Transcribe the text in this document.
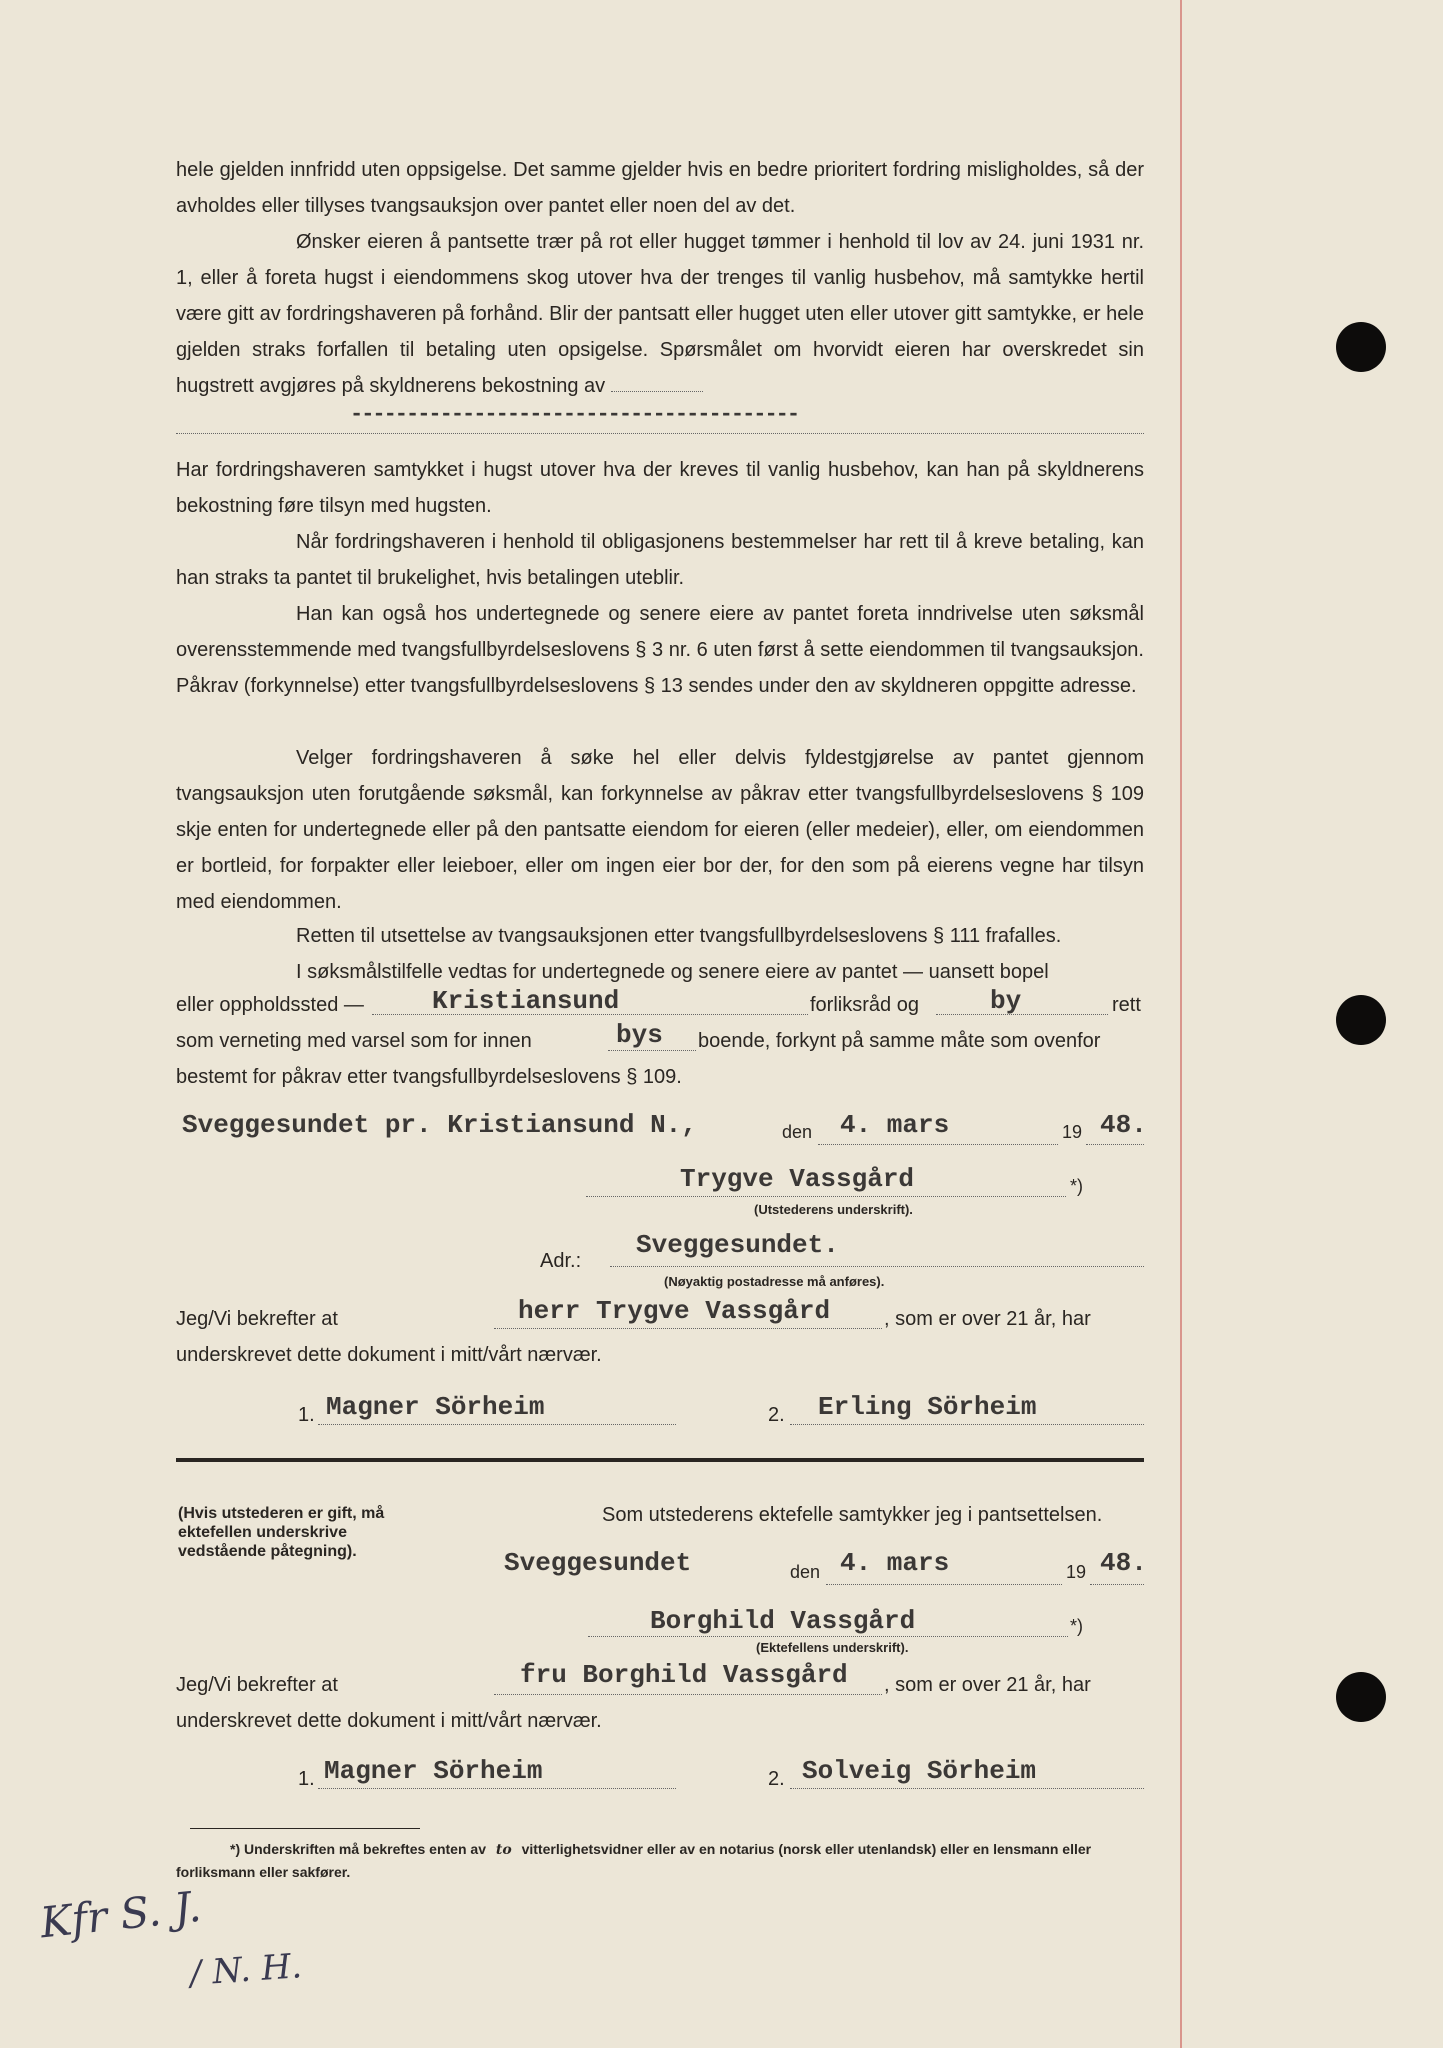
hele gjelden innfridd uten oppsigelse. Det samme gjelder hvis en bedre prioritert fordring misligholdes, så der avholdes eller tillyses tvangsauksjon over pantet eller noen del av det.
Ønsker eieren å pantsette trær på rot eller hugget tømmer i henhold til lov av 24. juni 1931 nr. 1, eller å foreta hugst i eiendommens skog utover hva der trenges til vanlig husbehov, må samtykke hertil være gitt av fordringshaveren på forhånd. Blir der pantsatt eller hugget uten eller utover gitt samtykke, er hele gjelden straks forfallen til betaling uten opsigelse. Spørsmålet om hvorvidt eieren har overskredet sin hugstrett avgjøres på skyldnerens bekostning av
----------------------------------------
Har fordringshaveren samtykket i hugst utover hva der kreves til vanlig husbehov, kan han på skyldnerens bekostning føre tilsyn med hugsten.
Når fordringshaveren i henhold til obligasjonens bestemmelser har rett til å kreve betaling, kan han straks ta pantet til brukelighet, hvis betalingen uteblir.
Han kan også hos undertegnede og senere eiere av pantet foreta inndrivelse uten søksmål overensstemmende med tvangsfullbyrdelseslovens § 3 nr. 6 uten først å sette eiendommen til tvangsauksjon. Påkrav (forkynnelse) etter tvangsfullbyrdelseslovens § 13 sendes under den av skyldneren oppgitte adresse.
Velger fordringshaveren å søke hel eller delvis fyldestgjørelse av pantet gjennom tvangsauksjon uten forutgående søksmål, kan forkynnelse av påkrav etter tvangsfullbyrdelseslovens § 109 skje enten for undertegnede eller på den pantsatte eiendom for eieren (eller medeier), eller, om eiendommen er bortleid, for forpakter eller leieboer, eller om ingen eier bor der, for den som på eierens vegne har tilsyn med eiendommen.
Retten til utsettelse av tvangsauksjonen etter tvangsfullbyrdelseslovens § 111 frafalles.
I søksmålstilfelle vedtas for undertegnede og senere eiere av pantet — uansett bopel
eller oppholdssted —	Kristiansund	forliksråd og	by	rett
som verneting med varsel som for innen	bys boende, forkynt på samme måte som ovenfor
bestemt for påkrav etter tvangsfullbyrdelseslovens § 109.
Sveggesundet pr. Kristiansund N.,	den 4. mars	19 48.
Trygve Vassgård	*)
(Utstederens underskrift).
Adr.:
Sveggesundet.
(Nøyaktig postadresse må anføres).
Jeg/Vi bekrefter at	herr Trygve Vassgård	, som er over 21 år, har
underskrevet dette dokument i mitt/vårt nærvær.
1. Magner Sörheim	2. Erling Sörheim
(Hvis utstederen er gift, må ektefellen underskrive vedstående påtegning).
Som utstederens ektefelle samtykker jeg i pantsettelsen.
Sveggesundet	den 4. mars	19 48.
Borghild Vassgård	*)
(Ektefellens underskrift).
Jeg/Vi bekrefter at	fru Borghild Vassgård , som er over 21 år, har
underskrevet dette dokument i mitt/vårt nærvær.
1. Magner Sörheim	2. Solveig Sörheim
*) Underskriften må bekreftes enten av to vitterlighetsvidner eller av en notarius (norsk eller utenlandsk) eller en lensmann eller forliksmann eller sakfører.
Kfr S. J.
/ N. H.
